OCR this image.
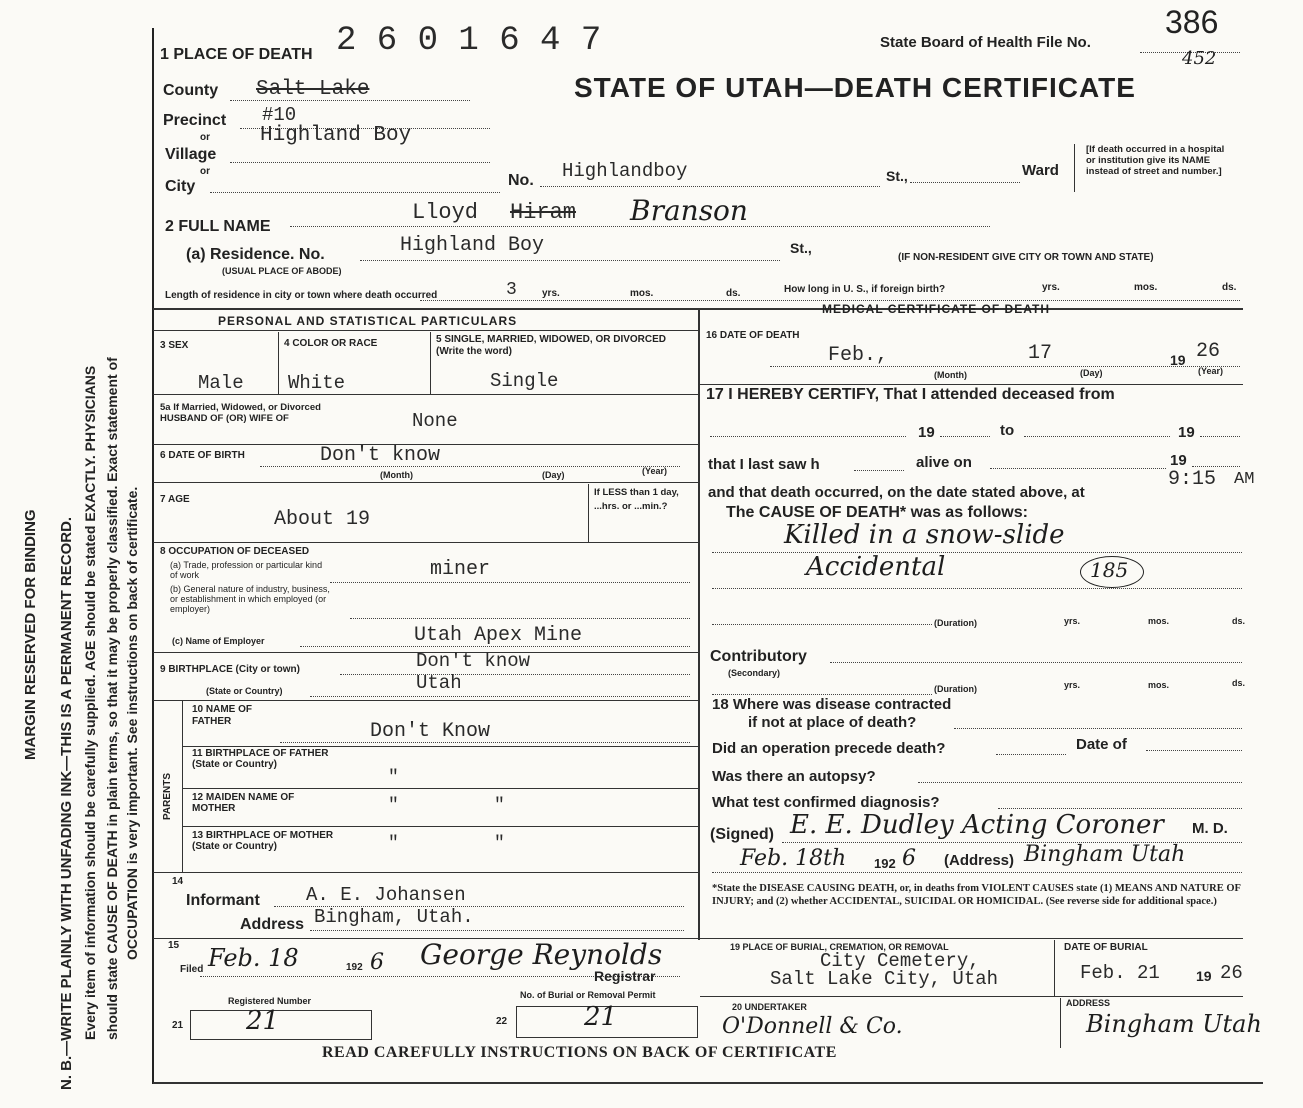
MARGIN RESERVED FOR BINDING N. B.—WRITE PLAINLY WITH UNFADING INK—THIS IS A PERMANENT RECORD. Every item of information should be carefully supplied. AGE should be stated EXACTLY. PHYSICIANS should state CAUSE OF DEATH in plain terms, so that it may be properly classified. Exact statement of OCCUPATION is very important. See instructions on back of certificate.
1 PLACE OF DEATH 2 6 0 1 6 4 7	State Board of Health File No.
386
452
STATE OF UTAH—DEATH CERTIFICATE
County Salt Lake
Precinct #10
or
Village
Highland Boy
or
City	No. Highlandboy	St.,	Ward
[If death occurred in a hospital or institution give its NAME instead of street and number.]
2 FULL NAME
Lloyd Hiram Branson
(a) Residence. No.
(USUAL PLACE OF ABODE)
Highland Boy	St.,
(IF NON-RESIDENT GIVE CITY OR TOWN AND STATE)
Length of residence in city or town where death occurred	3	yrs.	mos.	ds.	How long in U. S., if foreign birth?	yrs.	mos.	ds.
PERSONAL AND STATISTICAL PARTICULARS
3 SEX
Male
4 COLOR OR RACE
White
5 SINGLE, MARRIED, WIDOWED, OR DIVORCED (Write the word)
Single
5a If Married, Widowed, or Divorced HUSBAND OF (OR) WIFE OF	None
6 DATE OF BIRTH	Don't know
(Month)	(Day)	(Year)
7 AGE
About 19
If LESS than 1 day, ...hrs. or ...min.?
8 OCCUPATION OF DECEASED
(a) Trade, profession or particular kind of work
(b) General nature of industry, business, or establishment in which employed (or employer)
miner
(c) Name of Employer	Utah Apex Mine
9 BIRTHPLACE (City or town)
(State or Country)
Don't know
Utah
PARENTS
10 NAME OF FATHER	Don't Know
11 BIRTHPLACE OF FATHER (State or Country)
"
12 MAIDEN NAME OF MOTHER	"	"
13 BIRTHPLACE OF MOTHER (State or Country)	"	"
14
Informant A. E. Johansen
Address Bingham, Utah.
15
Filed Feb. 18	192 6 George Reynolds
Registrar
Registered Number
21 21
No. of Burial or Removal Permit
22	21
MEDICAL CERTIFICATE OF DEATH
16 DATE OF DEATH
Feb.,	17	19 26
(Month)	(Day)	(Year)
17 I HEREBY CERTIFY, That I attended deceased from
19	to	19
that I last saw h	alive on	19
and that death occurred, on the date stated above, at
9:15 AM
The CAUSE OF DEATH* was as follows:
Killed in a snow-slide
Accidental	185
(Duration)	yrs.	mos.	ds.
Contributory
(Secondary)
(Duration)	yrs.	mos.	ds.
18 Where was disease contracted
if not at place of death?
Did an operation precede death?	Date of
Was there an autopsy?
What test confirmed diagnosis?
(Signed) E. E. Dudley Acting Coroner M. D.
Feb. 18th 192 6 (Address) Bingham Utah
*State the DISEASE CAUSING DEATH, or, in deaths from VIOLENT CAUSES state (1) MEANS AND NATURE OF INJURY; and (2) whether ACCIDENTAL, SUICIDAL OR HOMICIDAL. (See reverse side for additional space.)
19 PLACE OF BURIAL, CREMATION, OR REMOVAL
City Cemetery,
Salt Lake City, Utah
DATE OF BURIAL
Feb. 21	19 26
20 UNDERTAKER
O'Donnell & Co.
ADDRESS
Bingham Utah
READ CAREFULLY INSTRUCTIONS ON BACK OF CERTIFICATE
